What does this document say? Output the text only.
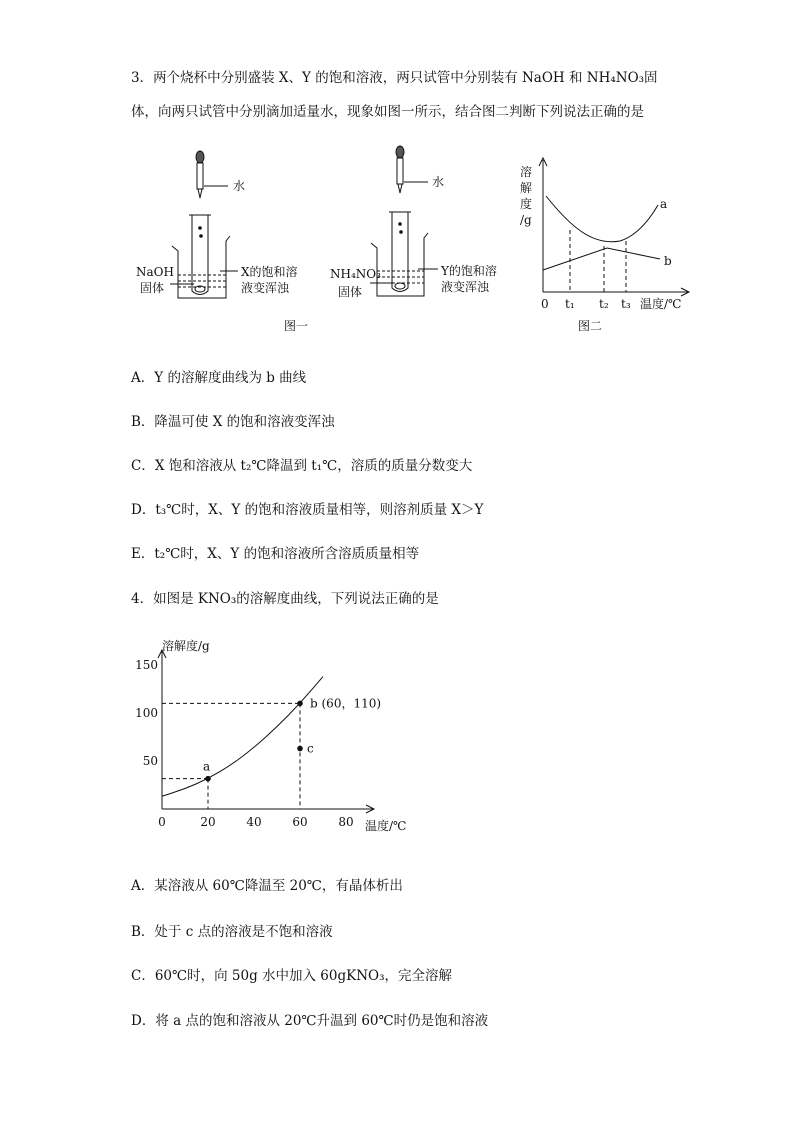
3．两个烧杯中分别盛装 X、Y 的饱和溶液，两只试管中分别装有 NaOH 和 NH₄NO₃固
体，向两只试管中分别滴加适量水，现象如图一所示，结合图二判断下列说法正确的是
水	水
NaOH
固体
X的饱和溶
液变浑浊
NH₄NO₃
固体
Y的饱和溶
液变浑浊
图一
溶
解
度
/g
a
b
0 t₁ t₂ t₃ 温度/℃
图二
A．Y 的溶解度曲线为 b 曲线
B．降温可使 X 的饱和溶液变浑浊
C．X 饱和溶液从 t₂℃降温到 t₁℃，溶质的质量分数变大
D．t₃℃时，X、Y 的饱和溶液质量相等，则溶剂质量 X＞Y
E．t₂℃时，X、Y 的饱和溶液所含溶质质量相等
4．如图是 KNO₃的溶解度曲线，下列说法正确的是
a
b (60，110)
c
150
100
50
0	20	40	60	80
溶解度/g
温度/℃
A．某溶液从 60℃降温至 20℃，有晶体析出
B．处于 c 点的溶液是不饱和溶液
C．60℃时，向 50g 水中加入 60gKNO₃，完全溶解
D．将 a 点的饱和溶液从 20℃升温到 60℃时仍是饱和溶液
